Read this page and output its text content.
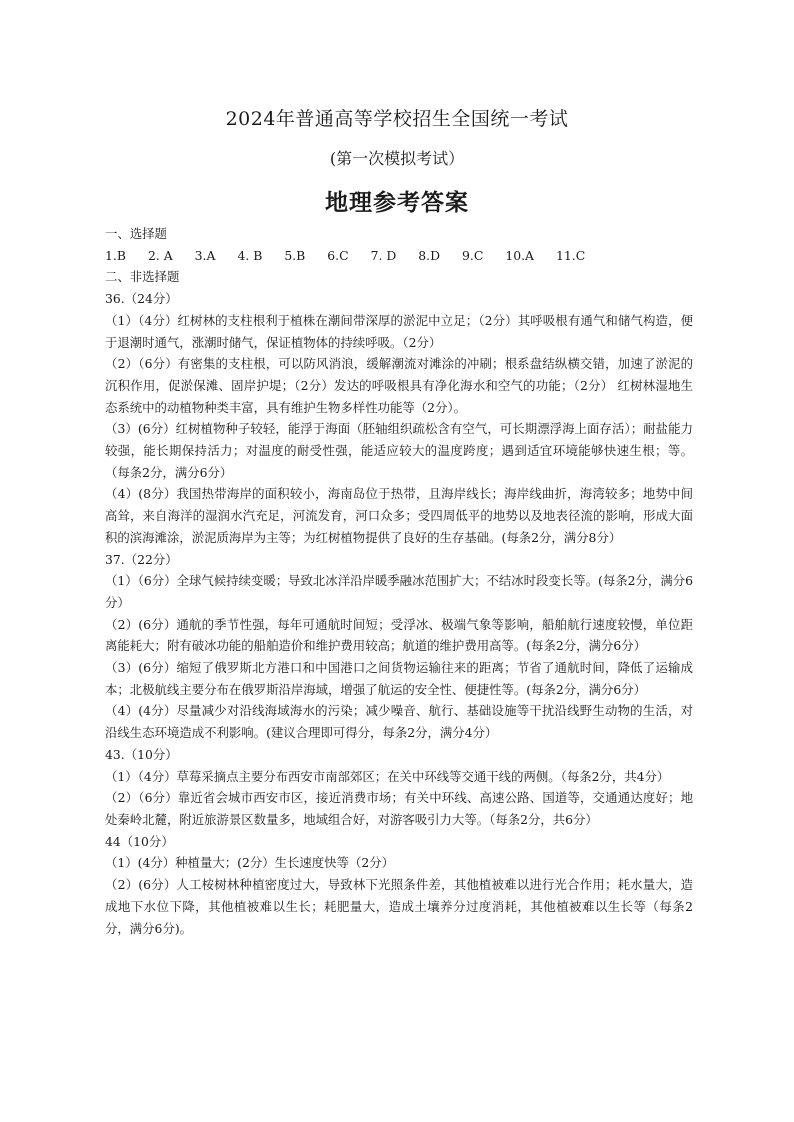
2024年普通高等学校招生全国统一考试
(第一次模拟考试）
地理参考答案
一、选择题
1.B 2. A 3.A 4. B 5.B 6.C 7. D 8.D 9.C 10.A 11.C
二、非选择题
36.（24分）
（1）（4分）红树林的支柱根利于植株在潮间带深厚的淤泥中立足；（2分）其呼吸根有通气和储气构造，便于退潮时通气，涨潮时储气，保证植物体的持续呼吸。（2分）
（2）（6分）有密集的支柱根，可以防风消浪，缓解潮流对滩涂的冲刷；根系盘结纵横交错，加速了淤泥的沉积作用，促淤保滩、固岸护堤；（2分）发达的呼吸根具有净化海水和空气的功能；（2分） 红树林湿地生态系统中的动植物种类丰富，具有维护生物多样性功能等（2分）。
（3）(6分）红树植物种子较轻，能浮于海面（胚轴组织疏松含有空气，可长期漂浮海上面存活）；耐盐能力较强，能长期保持活力；对温度的耐受性强，能适应较大的温度跨度；遇到适宜环境能够快速生根；等。（每条2分，满分6分）
（4）(8分）我国热带海岸的面积较小，海南岛位于热带，且海岸线长；海岸线曲折，海湾较多；地势中间高耸，来自海洋的湿润水汽充足，河流发育，河口众多；受四周低平的地势以及地表径流的影响，形成大面积的滨海滩涂，淤泥质海岸为主等；为红树植物提供了良好的生存基础。(每条2分，满分8分）
37.（22分）
（1）（6分）全球气候持续变暖；导致北冰洋沿岸暖季融冰范围扩大；不结冰时段变长等。(每条2分，满分6分）
（2）(6分）通航的季节性强，每年可通航时间短；受浮冰、极端气象等影响，船舶航行速度较慢，单位距离能耗大；附有破冰功能的船舶造价和维护费用较高；航道的维护费用高等。(每条2分，满分6分）
（3）(6分）缩短了俄罗斯北方港口和中国港口之间货物运输往来的距离；节省了通航时间，降低了运输成本；北极航线主要分布在俄罗斯沿岸海域，增强了航运的安全性、便捷性等。(每条2分，满分6分）
（4）(4分）尽量减少对沿线海域海水的污染；减少噪音、航行、基础设施等干扰沿线野生动物的生活，对沿线生态环境造成不利影响。(建议合理即可得分，每条2分，满分4分）
43.（10分）
（1）（4分）草莓采摘点主要分布西安市南部郊区；在关中环线等交通干线的两侧。（每条2分，共4分）
（2）（6分）靠近省会城市西安市区，接近消费市场；有关中环线、高速公路、国道等，交通通达度好；地处秦岭北麓，附近旅游景区数量多，地域组合好，对游客吸引力大等。（每条2分，共6分）
44（10分）
（1）(4分）种植量大；(2分）生长速度快等（2分）
（2）(6分）人工桉树林种植密度过大，导致林下光照条件差，其他植被难以进行光合作用；耗水量大，造成地下水位下降，其他植被难以生长；耗肥量大，造成土壤养分过度消耗，其他植被难以生长等（每条2分，满分6分)。
